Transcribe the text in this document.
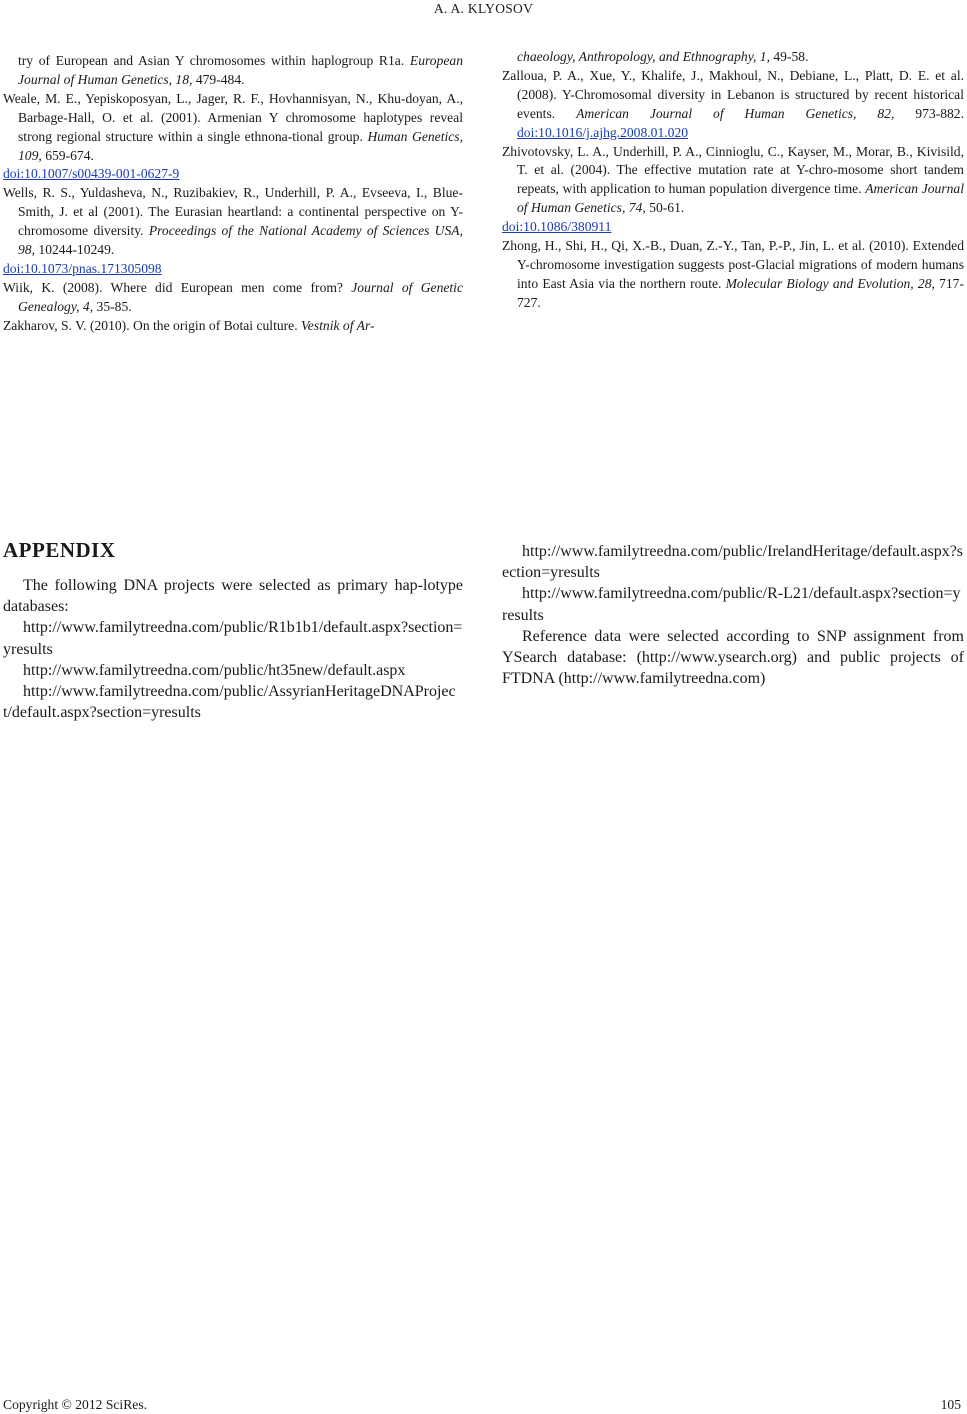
A. A. KLYOSOV

try of European and Asian Y chromosomes within haplogroup R1a. European Journal of Human Genetics, 18, 479-484.

Weale, M. E., Yepiskoposyan, L., Jager, R. F., Hovhannisyan, N., Khu-doyan, A., Barbage-Hall, O. et al. (2001). Armenian Y chromosome haplotypes reveal strong regional structure within a single ethnona-tional group. Human Genetics, 109, 659-674.
doi:10.1007/s00439-001-0627-9

Wells, R. S., Yuldasheva, N., Ruzibakiev, R., Underhill, P. A., Evseeva, I., Blue-Smith, J. et al (2001). The Eurasian heartland: a continental perspective on Y-chromosome diversity. Proceedings of the National Academy of Sciences USA, 98, 10244-10249.
doi:10.1073/pnas.171305098

Wiik, K. (2008). Where did European men come from? Journal of Genetic Genealogy, 4, 35-85.

Zakharov, S. V. (2010). On the origin of Botai culture. Vestnik of Ar-

chaeology, Anthropology, and Ethnography, 1, 49-58.

Zalloua, P. A., Xue, Y., Khalife, J., Makhoul, N., Debiane, L., Platt, D. E. et al. (2008). Y-Chromosomal diversity in Lebanon is structured by recent historical events. American Journal of Human Genetics, 82, 973-882. doi:10.1016/j.ajhg.2008.01.020

Zhivotovsky, L. A., Underhill, P. A., Cinnioglu, C., Kayser, M., Morar, B., Kivisild, T. et al. (2004). The effective mutation rate at Y-chro-mosome short tandem repeats, with application to human population divergence time. American Journal of Human Genetics, 74, 50-61.
doi:10.1086/380911

Zhong, H., Shi, H., Qi, X.-B., Duan, Z.-Y., Tan, P.-P., Jin, L. et al. (2010). Extended Y-chromosome investigation suggests post-Glacial migrations of modern humans into East Asia via the northern route. Molecular Biology and Evolution, 28, 717-727.

APPENDIX

The following DNA projects were selected as primary hap-lotype databases:

http://www.familytreedna.com/public/R1b1b1/default.aspx?section=yresults

http://www.familytreedna.com/public/ht35new/default.aspx

http://www.familytreedna.com/public/AssyrianHeritageDNAProject/default.aspx?section=yresults

http://www.familytreedna.com/public/IrelandHeritage/default.aspx?section=yresults

http://www.familytreedna.com/public/R-L21/default.aspx?section=yresults

Reference data were selected according to SNP assignment from YSearch database: (http://www.ysearch.org) and public projects of FTDNA (http://www.familytreedna.com)

Copyright © 2012 SciRes.	105
